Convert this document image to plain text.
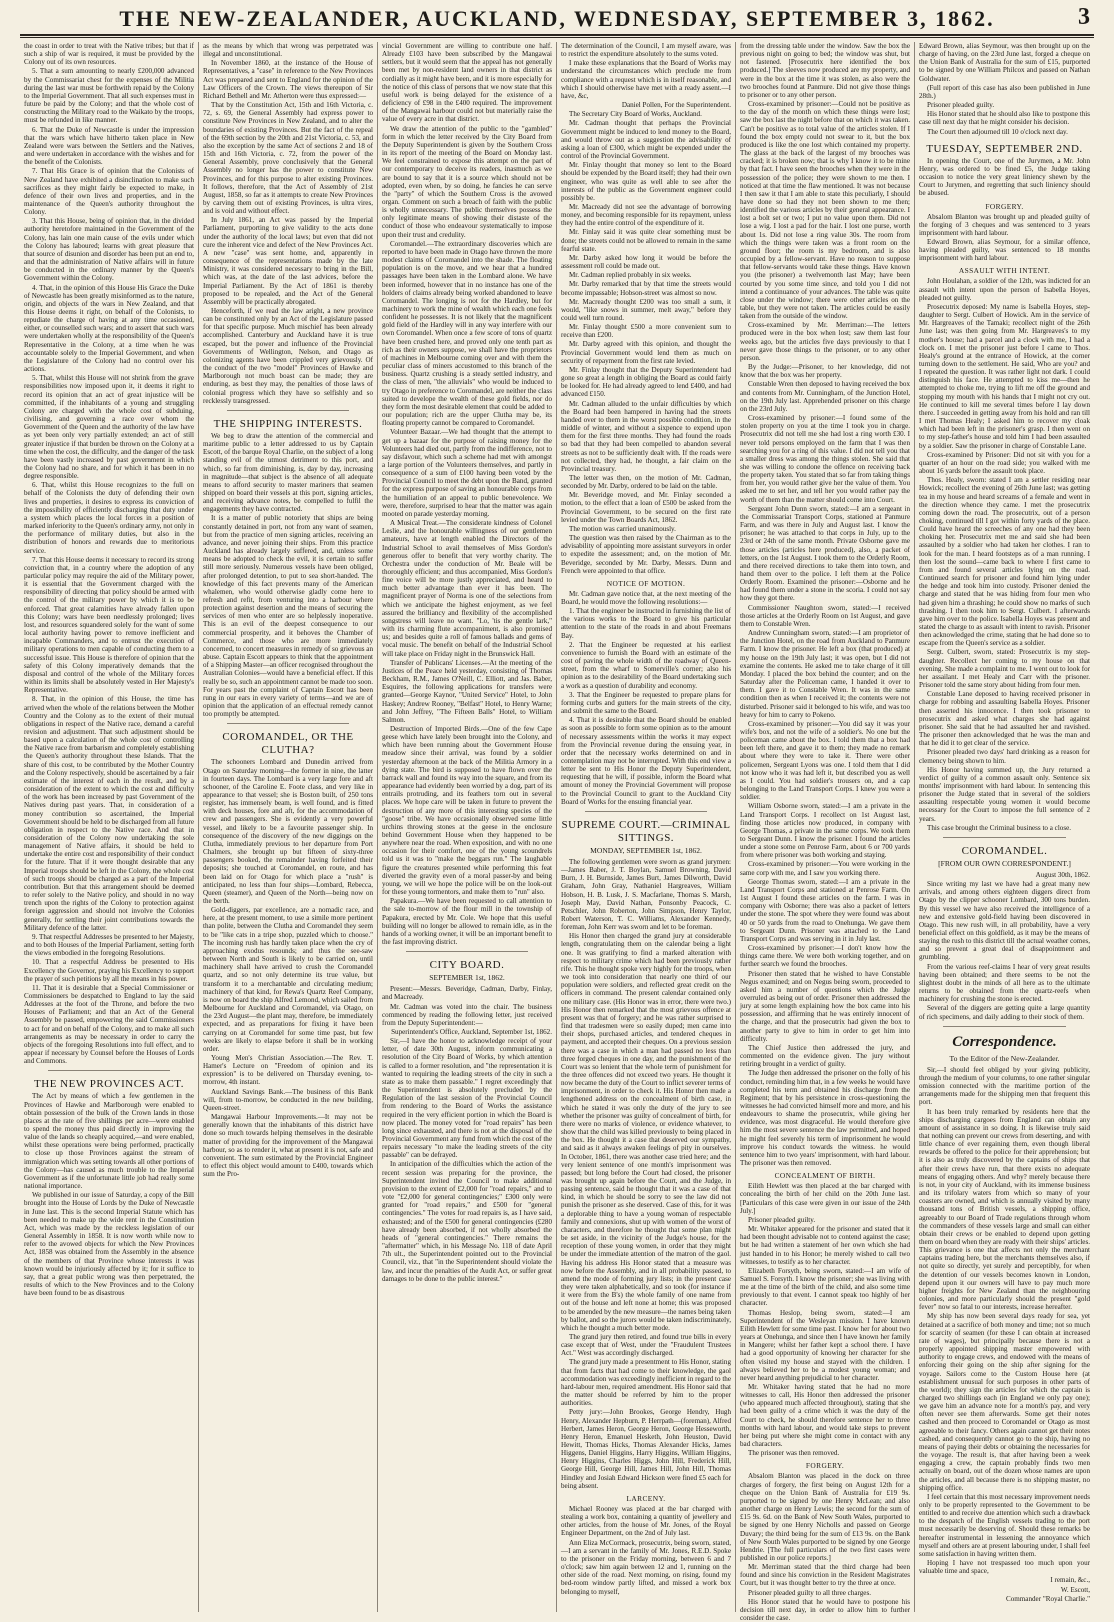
THE NEW-ZEALANDER, AUCKLAND, WEDNESDAY, SEPTEMBER 3, 1862.	3

the coast in order to treat with the Native tribes; but that if such a ship of war is required, it must be provided by the Colony out of its own resources.

5. That a sum amounting to nearly £200,000 advanced by the Commissariat chest for the expenses of the Militia during the last war must be forthwith repaid by the Colony to the Imperial Government. That all such expenses must in future be paid by the Colony; and that the whole cost of constructing the Military road to the Waikato by the troops, must be refunded in like manner.

6. That the Duke of Newcastle is under the impression that the wars which have hitherto taken place in New Zealand were wars between the Settlers and the Natives, and were undertaken in accordance with the wishes and for the benefit of the Colonists.

7. That His Grace is of opinion that the Colonists of New Zealand have exhibited a disinclination to make such sacrifices as they might fairly be expected to make, in defence of their own lives and properties, and in the maintenance of the Queen's authority throughout the Colony.

3. That this House, being of opinion that, in the divided authority heretofore maintained in the Government of the Colony, has lain one main cause of the evils under which the Colony has laboured; learns with great pleasure that that source of disunion and disorder has been put an end to, and that the administration of Native affairs will in future be conducted in the ordinary manner by the Queen's Government within the Colony.

4. That, in the opinion of this House His Grace the Duke of Newcastle has been greatly misinformed as to the nature, origin, and objects of the wars in New Zealand, and that this House deems it right, on behalf of the Colonists, to repudiate the charge of having at any time occasioned, either, or counselled such wars; and to assert that such wars were undertaken wholly at the responsibility of the Queen's Representative in the Colony, at a time when he was accountable solely to the Imperial Government, and when the Legislature of the Colony had no control over his actions.

5. That, whilst this House will not shrink from the grave responsibilities now imposed upon it, it deems it right to record its opinion that an act of great injustice will be committed, if the inhabitants of a young and struggling Colony are charged with the whole cost of subduing, civilising, and governing a race over whom the Government of the Queen and the authority of the law have as yet been only very partially extended; an act of still greater injustice if that burden be thrown on the Colony at a time when the cost, the difficulty, and the danger of the task have been vastly increased by past government in which the Colony had no share, and for which it has been in no degree responsible.

6. That, whilst this House recognizes to the full on behalf of the Colonists the duty of defending their own lives and properties, it desires to express its conviction of the impossibility of efficiently discharging that duty under a system which places the local forces in a position of marked inferiority to the Queen's ordinary army, not only in the performance of military duties, but also in the distribution of honors and rewards due to meritorious service.

7. That this House deems it necessary to record its strong conviction that, in a country where the adoption of any particular policy may require the aid of the Military power, it is essential that the Government charged with the responsibility of directing that policy should be armed with the control of the military power by which it is to be enforced. That great calamities have already fallen upon this Colony; wars have been needlessly prolonged; lives lost, and resources squandered solely for the want of some local authority having power to remove inefficient and incapable Commanders, and to entrust the execution of military operations to men capable of conducting them to a successful issue. This House is therefore of opinion that the safety of this Colony imperatively demands that the disposal and control of the whole of the Military forces within its limits shall be absolutely vested in Her Majesty's Representative.

8. That, in the opinion of this House, the time has arrived when the whole of the relations between the Mother Country and the Colony as to the extent of their mutual obligations in respect of the Native race, demand a careful revision and adjustment. That such adjustment should be based upon a calculation of the whole cost of controlling the Native race from barbarism and completely establishing the Queen's authority throughout these Islands. That the share of this cost, to be contributed by the Mother Country and the Colony respectively, should be ascertained by a fair estimate of the interest of each in the result, and by a consideration of the extent to which the cost and difficulty of the work has been increased by past Government of the Natives during past years. That, in consideration of a money contribution so ascertained, the Imperial Government should be held to be discharged from all future obligation in respect to the Native race. And that in consideration of the Colony now undertaking the sole management of Native affairs, it should be held to undertake the entire cost and responsibility of their conduct for the future. That if it were thought desirable that any Imperial troops should be left in the Colony, the whole cost of such troops should be charged as a part of the Imperial contribution. But that this arrangement should be deemed to refer solely to the Native policy, and should in no way trench upon the rights of the Colony to protection against foreign aggression and should not involve the Colonies generally, for settling their joint contributions towards the Military defence of the latter.

9. That respectful Addresses be presented to her Majesty, and to both Houses of the Imperial Parliament, setting forth the views embodied in the foregoing Resolutions.

10. That a respectful Address be presented to His Excellency the Governor, praying his Excellency to support the prayer of such petitions by all the means in his power.

11. That it is desirable that a Special Commissioner or Commissioners be despatched to England to lay the said Addresses at the foot of the Throne, and before the two Houses of Parliament; and that an Act of the General Assembly be passed, empowering the said Commissioners to act for and on behalf of the Colony, and to make all such arrangements as may be necessary in order to carry the objects of the foregoing Resolutions into full effect, and to appear if necessary by Counsel before the Houses of Lords and Commons.

THE NEW PROVINCES ACT.

The Act by means of which a few gentlemen in the Provinces of Hawke and Marlborough were enabled to obtain possession of the bulk of the Crown lands in those places at the rate of five shillings per acre—were enabled to spend the money thus paid directly in improving the value of the lands so cheaply acquired,—and were enabled, whilst these operations were being performed, practically to close up those Provinces against the stream of immigration which was setting towards all other portions of the Colony—has caused as much trouble to the Imperial Government as if the unfortunate little job had really some national importance.

We published in our issue of Saturday, a copy of the Bill brought into the House of Lords by the Duke of Newcastle in June last. This is the second Imperial Statute which has been needed to make up the wide rent in the Constitution Act, which was made by the reckless legislation of our General Assembly in 1858. It is now worth while now to refer to the avowed objects for which the New Provinces Act, 1858 was obtained from the Assembly in the absence of the members of that Province whose interests it was known would be injuriously affected by it; for it suffice to say, that a great public wrong was then perpetrated, the results of which to the New Provinces and to the Colony have been found to be as disastrous

as the means by which that wrong was perpetrated was illegal and unconstitutional.

In November 1860, at the instance of the House of Representatives, a "case" in reference to the New Provinces Act was prepared and sent to England for the opinion of the Law Officers of the Crown. The views thereupon of Sir Richard Bethell and Mr. Atherton were thus expressed:—

That by the Constitution Act, 15th and 16th Victoria, c. 72, s. 69, the General Assembly had express power to constitute New Provinces in New Zealand, and to alter the boundaries of existing Provinces. But the fact of the repeal of the 69th section by the 20th and 21st Victoria, c. 53, and also the exception by the same Act of sections 2 and 18 of 15th and 16th Victoria, c. 72, from the power of the General Assembly, prove conclusively that the General Assembly no longer has the power to constitute New Provinces, and for this purpose to alter existing Provinces. It follows, therefore, that the Act of Assembly of 21st August, 1858, so far as it attempts to create New Provinces by carving them out of existing Provinces, is ultra vires, and is void and without effect.

In July 1861, an Act was passed by the Imperial Parliament, purporting to give validity to the acts done under the authority of the local laws; but even that did not cure the inherent vice and defect of the New Provinces Act. A new "case" was sent home, and, apparently in consequence of the representations made by the late Ministry, it was considered necessary to bring in the Bill, which was, at the date of the last advices, before the Imperial Parliament. By the Act of 1861 is thereby proposed to be repealed, and the Act of the General Assembly will be practically abrogated.

Henceforth, if we read the law aright, a new province can be constituted only by an Act of the Legislature passed for that specific purpose. Much mischief has been already accomplished. Canterbury and Auckland have it is true escaped, but the power and influence of the Provincial Governments of Wellington, Nelson, and Otago as colonizing agents have been crippled very grievously. Of the conduct of the two "model" Provinces of Hawke and Marlborough not much boast can be made; they are enduring, as best they may, the penalties of those laws of colonial progress which they have so selfishly and so recklessly transgressed.

THE SHIPPING INTERESTS.

We beg to draw the attention of the commercial and maritime public to a letter addressed to us by Captain Escott, of the barque Royal Charlie, on the subject of a long standing evil of the utmost detriment to this port, and which, so far from diminishing, is, day by day, increasing in magnitude—that subject is the absence of all adequate means to afford security to master mariners that seamen shipped on board their vessels at this port, signing articles, and receiving advance notes, be compelled to fulfil the engagements they have contracted.

It is a matter of public notoriety that ships are being constantly detained in port, not from any want of seamen, but from the practice of men signing articles, receiving an advance, and never joining their ships. From this practice Auckland has already largely suffered, and, unless some means be adopted to check the evil, it is certain to suffer still more seriously. Numerous vessels have been obliged, after prolonged detention, to put to sea short-handed. The knowledge of this fact prevents many of the American whalemen, who would otherwise gladly come here to refresh and refit, from venturing into a harbour where protection against desertion and the means of securing the services of men who enter are so helplessly inoperative. This is an evil of the deepest consequence to our commercial prosperity, and it behoves the Chamber of Commerce, and those who are more immediately concerned, to concert measures in remedy of so grievous an abuse. Captain Escott appears to think that the appointment of a Shipping Master—an officer recognised throughout the Australian Colonies—would have a beneficial effect. If this really be so, such an appointment cannot be made too soon. For years past the complaint of Captain Escott has been rung in our ears in every variety of terms—and we are of opinion that the application of an effectual remedy cannot too promptly be attempted.

COROMANDEL, OR THE CLUTHA?

The schooners Lombard and Dunedin arrived from Otago on Saturday morning—the former in nine, the latter in fourteen days. The Lombard is a very large fore and aft schooner, of the Caroline E. Foote class, and very like in appearance to that vessel; she is Boston built, of 250 tons register, has immensely beam, is well found, and is fitted with deck houses, fore and aft, for the accommodation of crew and passengers. She is evidently a very powerful vessel, and likely to be a favourite passenger ship. In consequence of the discovery of the new diggings on the Clutha, immediately previous to her departure from Port Chalmers, she brought up but fifteen of sixty-three passengers booked, the remainder having forfeited their deposits; she touched at Coromandel, en route, and has been laid on for Otago for which place a "rush" is anticipated, no less than four ships—Lombard, Rebecca, Queen (steamer), and Queen of the North—being now on the berth.

Gold-diggers, par excellence, are a nomadic race, and here, at the present moment, to use a simile more pertinent than polite, between the Clutha and Coromandel they seem to be "like cats in a tripe shop, puzzled which to choose." The incoming rush has hardly taken place when the cry of approaching exodus resounds; and thus the see-saw between North and South is likely to be carried on, until machinery shall have arrived to crush the Coromandel quartz, and so not only determine its true value, but transform it to a merchantable and circulating medium; machinery of that kind, for Rewa's Quartz Reef Company, is now on board the ship Alfred Lemond, which sailed from Melbourne for Auckland and Coromandel, via Otago, on the 23rd August—the plant may, therefore, be immediately expected, and as preparations for fixing it have been carrying on at Coromandel for some time past, but few weeks are likely to elapse before it shall be in working order.

Young Men's Christian Association.—The Rev. T. Hamer's Lecture on "Freedom of opinion and its expression" is to be delivered on Thursday evening, to-morrow, 4th instant.

Auckland Savings Bank.—The business of this Bank will, from to-morrow, be conducted in the new building, Queen-street.

Mangawai Harbour Improvements.—It may not be generally known that the inhabitants of this district have done so much towards helping themselves in the desirable matter of providing for the improvement of the Mangawai harbour, so as to render it, what at present it is not, safe and convenient. The sum estimated by the Provincial Engineer to effect this object would amount to £400, towards which sum the Pro-

vincial Government are willing to contribute one half. Already £103 have been subscribed by the Mangawai settlers, but it would seem that the appeal has not generally been met by non-resident land owners in that district as cordially as it might have been, and it is more especially for the notice of this class of persons that we now state that this useful work is being delayed for the existence of a deficiency of £98 in the £400 required. The improvement of the Mangawai harbour could not but materially raise the value of every acre in that district.

We draw the attention of the public to the "gambled" form in which the letter received by the City Board from the Deputy Superintendent is given by the Southern Cross in its report of the meeting of the Board on Monday last. We feel constrained to expose this attempt on the part of our contemporary to deceive its readers, inasmuch as we are bound to say that it is a source which should not be adopted, even when, by so doing, he fancies he can serve the "party" of which the Southern Cross is the avowed organ. Comment on such a breach of faith with the public is wholly unnecessary. The public themselves possess the only legitimate means of showing their distaste of the conduct of those who endeavour systematically to impose upon their trust and credulity.

Coromandel.—The extraordinary discoveries which are reported to have been made in Otago have thrown the more modest claims of Coromandel into the shade. The floating population is on the move, and we hear that a hundred passages have been taken in the Lombard alone. We have been informed, however that in no instance has one of the holders of claims already being worked abandoned to leave Coromandel. The longing is not for the Hardley, but for machinery to work the mine of wealth which each one feels confident he possesses. It is not likely that the magnificent gold field of the Hardley will in any way interfere with our own Coromandel. When once a few score of tons of quartz have been crushed here, and proved only one tenth part as rich as their owners suppose, we shall have the proprietors of machines in Melbourne coming over and with them the peculiar class of miners accustomed to this branch of the business. Quartz crushing is a steady settled industry, and the class of men, "the alluvials" who would be induced to try Otago in preference to Coromandel, are neither the class suited to develope the wealth of these gold fields, nor do they form the most desirable element that could be added to our population; rich are the upper Clutha may be, its floating property cannot be compared to Coromandel.

Volunteer Bazaar.—We had thought that the attempt to get up a bazaar for the purpose of raising money for the Volunteers had died out, partly from the indifference, not to say disfavour, which such a scheme had met with amongst a large portion of the Volunteers themselves, and partly in consequence of a sum of £100 having been voted by the Provincial Council to meet the debt upon the Band, granted for the express purpose of saving an honourable corps from the humiliation of an appeal to public benevolence. We were, therefore, surprised to hear that the matter was again mooted on parade yesterday morning.

A Musical Treat.—The considerate kindness of Colonel Leslie, and the honourable willingness of our gentlemen amateurs, have at length enabled the Directors of the Industrial School to avail themselves of Miss Gordon's generous offer to benefit that very worthy charity. The Orchestra under the conduction of Mr. Beale will be thoroughly efficient; and thus accompanied, Miss Gordon's fine voice will be more justly appreciated, and heard to much better advantage than ever it has been. The magnificent prayer of Norma is one of the selections from which we anticipate the highest enjoyment, as we feel assured the brilliancy and flexibility of the accomplished songstress will leave no want. "Lo, 'tis the gentle lark," with its charming flute accompaniment, is also promised us; and besides quite a roll of famous ballads and gems of vocal music. The benefit on behalf of the Industrial School will take place on Friday night in the Brunswick Hall.

Transfer of Publicans' Licenses.—At the meeting of the Justices of the Peace held yesterday, consisting of Thomas Beckham, R.M., James O'Neill, C. Elliott, and Jas. Baber, Esquires, the following applications for transfers were granted—George Kaynor, "United Service" Hotel, to John Haskey; Andrew Rooney, "Belfast" Hotel, to Henry Warne; and John Jeffrey, "The Fifteen Balls" Hotel, to William Salmon.

Destruction of Imported Birds.—One of the few Cape geese which have lately been brought into the Colony, and which have been running about the Government House meadow since their arrival, was found by a soldier yesterday afternoon at the back of the Militia Armory in a dying state. The bird is supposed to have flown over the barrack wall and found its way into the square, and from its appearance had evidently been worried by a dog, part of its entrails protruding, and its feathers torn out in several places. We hope care will be taken in future to prevent the destruction of any more of this interesting species of the "goose" tribe. We have occasionally observed some little urchins throwing stones at the geese in the enclosure behind Government House when they happened to be anywhere near the road. When exposition, and with no one occasion for their comfort, one of the young scoundrels told us it was to "make the beggars run." The laughable figure the creatures presented while performing this feat diverted the gravity even of a moral passer-by and being young, we will we hope the police will be on the look-out for these young tormentors, and make them to "run" also.

Papakura.—We have been requested to call attention to the sale to-morrow of the flour mill in the township of Papakura, erected by Mr. Cole. We hope that this useful building will no longer be allowed to remain idle, as in the hands of a working owner, it will be an important benefit to the fast improving district.

CITY BOARD.
SEPTEMBER 1st, 1862.

Present:—Messrs. Beveridge, Cadman, Darby, Finlay, and Macready.

Mr. Cadman was voted into the chair. The business commenced by reading the following letter, just received from the Deputy Superintendent:—

Superintendent's Office, Auckland, September 1st, 1862.

Sir,—I have the honor to acknowledge receipt of your letter, of date 30th August, inform communicating a resolution of the City Board of Works, by which attention is called to a former resolution, and "the representation it is wanted to requiring the leading streets of the city in such a state as to make them passable." I regret exceedingly that the Superintendent is absolutely precluded by the Regulation of the last session of the Provincial Council from rendering to the Board of Works the assistance required in the very efficient portion in which the Board is now placed. The money voted for "road repairs" has been long since exhausted, and there is not at the disposal of the Provincial Government any fund from which the cost of the repairs necessary "to make the leading streets of the city passable" can be defrayed.

In anticipation of the difficulties which the action of the recent session was preparing for the province, the Superintendent invited the Council to make additional provision to the extent of £2,000 for "road repairs," and to vote "£2,000 for general contingencies;" £300 only were granted for "road repairs," and £500 for "general contingencies." The votes for road repairs is, as I have said, exhausted; and of the £500 for general contingencies (£280 have already been absorbed, if not wholly absorbed the heads of "general contingencies." There remains the "aftermatter" which, in his Message No. 118 of date April 7th ult., the Superintendent pointed out to the Provincial Council, viz., that "in the Superintendent should violate the law, and incur the penalties of the Audit Act, or suffer great damages to be done to the public interest."

The determination of the Council, I am myself aware, was to restrict the expenditure absolutely to the sums voted.

I make these explanations that the Board of Works may understand the circumstances which preclude me from compliance with a request which is in itself reasonable, and which I should otherwise have met with a ready assent.—I have, &c,

Daniel Pollen, For the Superintendent.

The Secretary City Board of Works, Auckland.

Mr. Cadman thought that perhaps the Provincial Government might be induced to lend money to the Board, and would throw out as a suggestion the advisability of asking a loan of £300, which might be expended under the control of the Provincial Government.

Mr. Finlay thought that money so lent to the Board should be expended by the Board itself; they had their own engineer, who was quite as well able to see after the interests of the public as the Government engineer could possibly be.

Mr. Macready did not see the advantage of borrowing money, and becoming responsible for its repayment, unless they had the entire control of the expenditure of it.

Mr. Finlay said it was quite clear something must be done; the streets could not be allowed to remain in the same fearful state.

Mr. Darby asked how long it would be before the assessment roll could be made out.

Mr. Cadman replied probably in six weeks.

Mr. Darby remarked that by that time the streets would become impassable; Hobson-street was almost so now.

Mr. Macready thought £200 was too small a sum, it would, "like snows in summer, melt away," before they could well turn round.

Mr. Finlay thought £500 a more convenient sum to receive than £200.

Mr. Darby agreed with this opinion, and thought the Provincial Government would lend them as much on security of repayment from the first rate levied.

Mr. Finlay thought that the Deputy Superintendent had gone so great a length in obliging the Board as could fairly be looked for. He had already agreed to lend £400, and had advanced £150.

Mr. Cadman alluded to the unfair difficulties by which the Board had been hampered in having had the streets handed over to them in the worst possible condition, in the middle of winter, and without a sixpence to expend upon them for the first three months. They had found the roads so bad that they had been compelled to abandon several streets as not to be sufficiently dealt with. If the roads were not collected, they had, he thought, a fair claim on the Provincial treasury.

The letter was then, on the motion of Mr. Cadman, seconded by Mr. Darby, ordered to be laid on the table.

Mr. Beveridge moved, and Mr. Finlay seconded a motion, to the effect that a loan of £500 be asked from the Provincial Government, to be secured on the first rate levied under the Town Boards Act, 1862.

The motion was carried unanimously.

The question was then raised by the Chairman as to the advisability of appointing more assistant surveyors in order to expedite the assessment; and, on the motion of Mr. Beveridge, seconded by Mr. Darby, Messrs. Dunn and French were appointed to that office.

NOTICE OF MOTION.

Mr. Cadman gave notice that, at the next meeting of the Board, he would move the following resolutions:—

1. That the engineer be instructed in furnishing the list of the various works to the Board to give his particular attention to the state of the roads in and about Freemans Bay.

2. That the Engineer be requested at his earliest convenience to furnish the Board with an estimate of the cost of paving the whole width of the roadway of Queen-street, from the wharf to Somerville's corner; also his opinion as to the desirability of the Board undertaking such a work as a question of durability and economy.

3. That the Engineer be requested to prepare plans for forming curbs and gutters for the main streets of the city, and submit the same to the Board.

4. That it is desirable that the Board should be enabled as soon as possible to form some opinion as to the amount of necessary assessments within the works it may expect from the Provincial revenue during the ensuing year, in order that the necessary works determined on and in contemplation may not be interrupted. With this end view a letter be sent to His Honor the Deputy Superintendent, requesting that he will, if possible, inform the Board what amount of money the Provincial Government will propose to the Provincial Council to grant to the Auckland City Board of Works for the ensuing financial year.

SUPREME COURT.—CRIMINAL SITTINGS.
MONDAY, SEPTEMBER 1st, 1862.

The following gentlemen were sworn as grand jurymen:—James Baber, J. T. Boylan, Samuel Browning, David Burn, J. H. Burnside, James Burt, James Dilworth, David Graham, John Gray, Nathaniel Hargreaves, William Hobson, H. B. Lusk, J. S. Macfarlane, Thomas S. Marsh, Joseph May, David Nathan, Ponsonby Peacock, C. Petschler, John Roberton, John Simpson, Henry Taylor, Robert Waterson, T. C. Williams, Alexander Kennedy, foreman, John Kerr was sworn and let to be foreman.

His Honor then charged the grand jury at considerable length, congratulating them on the calendar being a light one. It was gratifying to find a marked alteration with respect to military crime which had been previously rather rife. This he thought spoke very highly for the troops, when we took into consideration that nearly one third of our population were soldiers, and reflected great credit on the officers in command. The present calendar contained only one military case. (His Honor was in error, there were two.) His Honor then remarked that the most grievous offence at present was that of forgery; and he was rather surprised to find that tradesmen were so easily duped; men came into their shops, purchased articles, and tendered cheques in payment, and accepted their cheques. On a previous session there was a case in which a man had passed no less than three forged cheques in one day, and the punishment of the Court was so lenient that the whole term of punishment for the three offences did not exceed two years. He thought it now became the duty of the Court to inflict severer terms of imprisonment, in order to check it. His Honor then made a lengthened address on the concealment of birth case, in which he stated it was only the duty of the jury to see whether the prisoner was guilty of concealment of birth, for there were no marks of violence, or evidence whatever, to show that the child was killed previously to being placed in the box. He thought it a case that deserved our sympathy, and said as it always awaken feelings of pity in ourselves. In October, 1861, there was another case tried here; and the very lenient sentence of one month's imprisonment was passed; but long before the Court had closed, the prisoner was brought up again before the Court, and the Judge, in passing sentence, said he thought that it was a case of that kind, in which he should be sorry to see the law did not punish the prisoner as she deserved. Case of this, for it was a deplorable thing to have a young woman of respectable family and connexions, shut up with women of the worst of characters, and therefore he thought that some plan might be set aside, in the vicinity of the Judge's house, for the reception of these young women, in order that they might be under the immediate attention of the matron of the gaol. Having his address His Honor stated that a measure was now before the Assembly, and in all probability passed, to amend the mode of forming jury lists; in the present case they were taken alphabetically, and so took (for instance if it were from the B's) the whole family of one name from out of the house and left none at home; this was proposed to be amended by the new measure—the names being taken by ballot, and so the jurors would be taken indiscriminately, which he thought a much better mode.

The grand jury then retired, and found true bills in every case except that of West, under the "Fraudulent Trustees Act." West was accordingly discharged.

The grand jury made a presentment to His Honor, stating that from facts that had come to their knowledge, the gaol accommodation was exceedingly inefficient in regard to the hard-labour men, required amendment. His Honor said that the matter should be referred by him to the proper authorities.

Petty jury:—John Brookes, George Hendry, Hugh Henry, Alexander Hepburn, P. Herrpath—(foreman), Alfred Herbert, James Heron, George Heron, George Hesseworth, Henry Heron, Emanuel Hesketh, John Heuston, David Hewitt, Thomas Hicks, Thomas Alexander Hicks, James Higgens, Daniel Higgins, Harry Higgins, William Higgins, Henry Higgins, Charles Higgs, John Hill, Frederick Hill, George Hill, George Hill, James Hill, John Hill, Thomas Hindley and Josiah Edward Hickson were fined £5 each for being absent.

LARCENY.

Michael Rooney was placed at the bar charged with stealing a work box, containing a quantity of jewellery and other articles, from the house of Mr. Jones, of the Royal Engineer Department, on the 2nd of July last.

Ann Eliza McCormack, prosecutrix, being sworn, stated,—I am a servant in the family of Mr. Jones, R.E.D. Spoke to the prisoner on the Friday morning, between 6 and 7 o'clock; saw him again between 12 and 1, running on the other side of the road. Next morning, on rising, found my bed-room window partly lifted, and missed a work box belonging to myself,

from the dressing table under the window. Saw the box the previous night on going to bed; the window was shut, but not fastened. [Prosecutrix here identified the box produced.] The sleeves now produced are my property, and were in the box at the time it was stolen, as also were the two brooches found at Panmure. Did not give those things to prisoner or to any other person.

Cross-examined by prisoner:—Could not be positive as to the day of the month on which these things were lost; saw the box last the night before that on which it was taken. Can't be positive as to total value of the articles stolen. If I found the box empty could not swear to it, but the box produced is like the one lost which contained my property. The glass at the back of the largest of my brooches was cracked; it is broken now; that is why I know it to be mine by that fact. I have seen the brooches when they were in the possession of the police; they were shown to me then. I noticed at that time the flaw mentioned. It was not because I then saw it that I am able to state this peculiarly, I should have done so had they not been shown to me then; identified the various articles by their general appearance. I lost a bolt set or two; I put no value upon them. Did not lose a wig. I lost a pad for the hair. I lost one purse, worth about 1s. Did not lose a ring value 30s. The room from which the things were taken was a front room on the ground floor; the room is my bedroom, and is also occupied by a fellow-servant. Have no reason to suppose that fellow-servants would take these things. Have known you (the prisoner) a twelvemonth last May; have been courted by you some time since, and told you I did not intend a continuance of your advances. The table was quite close under the window; there were other articles on the table, but they were not taken. The articles could be easily taken from the outside of the window.

Cross-examined by Mr. Merriman:—The letters produced were in the box when lost; saw them last four weeks ago, but the articles five days previously to that I never gave those things to the prisoner, or to any other person.

By the Judge:—Prisoner, to her knowledge, did not know that the box was her property.

Constable Wren then deposed to having received the box and contents from Mr. Cunningham, of the Junction Hotel, on the 19th July last. Apprehended prisoner on this charge on the 23rd July.

Cross-examined by prisoner:—I found some of the stolen property on you at the time I took you in charge. Prosecutrix did not tell me she had lost a ring worth £30. I never told persons employed on the farm that I was then searching you for a ring of this value. I did not tell you that a smaller dress was among the things stolen. She said that she was willing to condone the offence on receiving back the property taken. You stated that so far from taking things from her, you would rather give her the value of them. You asked me to set her, and tell her you would rather pay the worth of them than the matter should come into Court.

Sergeant John Dunn sworn, stated:—I am a sergeant in the Commissariat Transport Corps, stationed at Panmure Farm, and was there in July and August last. I know the prisoner; he was attached to that corps in July, up to the 23rd or 24th of the same month. Private Osborne gave me those articles (articles here produced), also, a packet of letters, on the 1st August. I took them to the Orderly Room, and there received directions to take them into town, and hand them over to the police. I left them at the Police Orderly Room. Examined the prisoner:—Osborne and he had found them under a stone in the scoria. I could not say how they got there.

Commissioner Naughton sworn, stated:—I received those articles at the Orderly Room on 1st August, and gave them to Constable Wren.

Andrew Cunningham sworn, stated:—I am proprietor of the Junction Hotel, on the road from Auckland to Panmure Farm. I know the prisoner. He left a box (that produced) at my house on the 19th July last; it was open, but I did not examine the contents. He asked me to take charge of it till Monday. I placed the box behind the counter; and on the Saturday after the Policeman came, I handed it over to them. I gave it to Constable Wren. It was in the same condition then as when I received it; the contents were not disturbed. Prisoner said it belonged to his wife, and was too heavy for him to carry to Pokeno.

Cross-examined by prisoner:—You did say it was your wife's box, and not the wife of a soldier's. No one but the policeman came about the box. I told them that a box had been left there, and gave it to them; they made no remark about where they were to take it. There were other policemen, Sergeant Lyons was one. I told them that I did not know who it was had left it, but described you as well as I could. You had soldier's trousers on, and a cap belonging to the Land Transport Corps. I knew you were a soldier.

William Osborne sworn, stated:—I am a private in the Land Transport Corps. I recollect on 1st August last, finding those articles now produced, in company with George Thomas, a private in the same corps. We took them to Sergeant Dunn. I know the prisoner. I found the articles under a stone some on Penrose Farm, about 6 or 700 yards from where prisoner was both working and staying.

Cross-examined by prisoner:—You were working in the same corp with me, and I saw you working there.

George Thomas sworn, stated:—I am a private in the Land Transport Corps and stationed at Penrose Farm. On 1st August I found these articles on the farm. I was in company with Osborne; there was also a packet of letters under the stone. The spot where they were found was about 40 or 50 yards from the road to Onehunga. We gave them to Sergeant Dunn. Prisoner was attached to the Land Transport Corps and was serving in it in July last.

Cross-examined by prisoner:—I don't know how the things came there. We were both working together, and on further search we found the brooches.

Prisoner then stated that he wished to have Constable Negus examined; and on Negus being sworn, proceeded to asked him a number of questions which the Judge overruled as being out of order. Prisoner then addressed the jury at some length explaining how the box came into his possession, and affirming that he was entirely innocent of the charge, and that the prosecutrix had given the box to another party to give to him in order to get him into difficulty.

The Chief Justice then addressed the jury, and commented on the evidence given. The jury without retiring brought in a verdict of guilty.

The Judge then addressed the prisoner on the folly of his conduct, reminding him that, in a few weeks he would have completed his term and obtained his discharge from the Regiment; that by his persistence in cross-questioning the witnesses he had convicted himself more and more, and his endeavours to shame the prosecutrix, while giving her evidence, was most disgraceful. He would therefore give him the most severe sentence the law permitted, and hoped he might feel severely his term of imprisonment he would improve his conduct towards the witness. he would sentence him to two years' imprisonment, with hard labour. The prisoner was then removed.

CONCEALMENT OF BIRTH.

Eilith Hewlett was then placed at the bar charged with concealing the birth of her child on the 20th June last. [Particulars of this case were given in our issue of the 24th July.]

Prisoner pleaded guilty.

Mr. Whitaker appeared for the prisoner and stated that it had been thought advisable not to contend against the case; but he had written a statement of her own which she had just handed in to his Honor; he merely wished to call two witnesses, to testify as to her character.

Elizabeth Forsyth, being sworn, stated:—I am wife of Samuel S. Forsyth. I know the prisoner; she was living with me at the time of the birth of the child, and also some time previously to that event. I cannot speak too highly of her character.

Thomas Heslop, being sworn, stated:—I am Superintendent of the Wesleyan mission. I have known Eilith Hewlett for some time past. I know her for about two years at Onehunga, and since then I have known her family in Mangere; whilst her father kept a school there. I have had a good opportunity of knowing her character for she often visited my house and stayed with the children. I always believed her to be a modest young woman; and never heard anything prejudicial to her character.

Mr. Whitaker having stated that he had no more witnesses to call, His Honor then addressed the prisoner (who appeared much affected throughout), stating that she had been guilty of a crime which it was the duty of the Court to check, he should therefore sentence her to three months with hard labour, and would take steps to prevent her being put where she might come in contact with any bad characters.

The prisoner was then removed.

FORGERY.

Absalom Blanton was placed in the dock on three charges of forgery, the first being on August 12th for a cheque on the Union Bank of Australia for £19 9s. purported to be signed by one Henry McLean; and also another charge on Henry Lewis; the second for the sum of £15 9s. 6d. on the Bank of New South Wales, purported to be signed by one Henry Nicholls and passed on George Duvary; the third being for the sum of £13 9s. on the Bank of New South Wales purported to be signed by one George Hendrie. [The full particulars of the two first cases were published in our police reports.]

Mr. Merriman stated that the third charge had been found and since his conviction in the Resident Magistrates Court, but it was thought better to try the three at once.

Prisoner pleaded guilty to all three charges.

His Honor stated that he would have to postpone his decision till next day, in order to allow him to further consider the case.

Edward Brown, alias Seymour, was then brought up on the charge of having, on the 23rd June last, forged a cheque on the Union Bank of Australia for the sum of £15, purported to be signed by one William Philcox and passed on Nathan Goldwater.

(Full report of this case has also been published in June 28th.)

Prisoner pleaded guilty.

His Honor stated that he should also like to postpone this case till next day that he might consider his decision.

The Court then adjourned till 10 o'clock next day.

TUESDAY, SEPTEMBER 2ND.

In opening the Court, one of the Jurymen, a Mr. John Henry, was ordered to be fined £5, the Judge taking occasion to notice the very great liniency shewn by the Court to Jurymen, and regretting that such liniency should be abused.

FORGERY.

Absalom Blanton was brought up and pleaded guilty of the forging of 3 cheques and was sentenced to 3 years imprisonment with hard labour.

Edward Brown, alias Seymour, for a similar offence, having pleaded guilty, was sentenced to 18 months imprisonment with hard labour.

ASSAULT WITH INTENT.

John Houlahan, a soldier of the 12th, was indicted for an assault with intent upon the person of Isabella Hoyes, pleaded not guilty.

Prosecutrix deposed: My name is Isabella Hoyes, step-daughter to Sergt. Culbert of Howick. Am in the service of Mr. Hargreaves of the Tamaki; recollect night of the 26th June last; was then going from Mr. Hargreaves's to my mother's house; had a parcel and a clock with me, I had a clock on. I met the prisoner just before I came to Thos. Healy's ground at the entrance of Howick, at the corner turning down to the settlement. He said, Who are you? and I repeated the question. It was rather light not dark. I could distinguish his face. He attempted to kiss me—then he attempted to choke me, trying to lift me off the ground and stopping my mouth with his hands that I might not cry out. He continued to kill me several times before I lay down there. I succeeded in getting away from his hold and ran till I met Thomas Healy; I asked him to recover my cloak which had been left in the prisoner's grasp. I then went on to my step-father's house and told him I had been assaulted by a soldier. Saw the prisoner in charge of Constable Lane.

Cross-examined by Prisoner: Did not sit with you for a quarter of an hour on the road side; you walked with me about 16 yards before the assault took place.

Thos. Healy, sworn: stated I am a settler residing near Howick; recollect the evening of 26th June last; was getting tea in my house and heard screams of a female and went in the direction whence they came. I met the prosecutrix coming down the road. The prosecutrix, out of a person choking, continued till I got within forty yards of the place. Could have heard the screeches of any one had they been choking her. Prosecutrix met me and said she had been assaulted by a soldier who had taken her clothes. I ran to look for the man. I heard footsteps as of a man running. I then lost the sound—came back to where I first came to from and found several articles lying on the road. Continued search for prisoner and found him lying under the hedge and took him into custody. Prisoner denied the charge and stated that he was hiding from four men who had given him a thrashing; he could show no marks of such thrashing. I then took him to Sergt. Culbert. I afterwards gave him over to the police. Isabella Hoyes was present and stated the charge to as assault with intent to ravish. Prisoner then acknowledged the crime, stating that he had done so to escape from the Queen's service as a soldier.

Sergt. Culbert, sworn, stated: Prosecutrix is my step-daughter. Recollect her coming to my house on that evening. She made a complaint to me. I went out to look for her assailant. I met Healy and Carr with the prisoner. Prisoner told the same story about hiding from four men.

Constable Lane deposed to having received prisoner in charge for robbing and assaulting Isabella Hoyes. Prisoner then asserted his innocence. I then took prisoner to prosecutrix and asked what charges she had against prisoner. She said that he had assaulted her and ravished. The prisoner then acknowledged that he was the man and that he did it to get clear of the service.

Prisoner pleaded two days' hard drinking as a reason for clemency being shown to him.

His Honor having summed up, the Jury returned a verdict of guilty of a common assault only. Sentence six months' imprisonment with hard labour. In sentencing this prisoner the Judge stated that in several of the soldiers assaulting respectable young women it would become necessary for the Court to impose the full sentence of 2 years.

This case brought the Criminal business to a close.

COROMANDEL.
[FROM OUR OWN CORRESPONDENT.]

August 30th, 1862.

Since writing my last we have had a great many new arrivals, and among others eighteen diggers direct from Otago by the clipper schooner Lombard, 300 tons burden. By this vessel we have also received the intelligence of a new and extensive gold-field having been discovered in Otago. This new rush will, in all probability, have a very beneficial effect on this goldfield, as it may be the means of staying the rush to this district till the actual weather comes, and so prevent a great deal of disappointment and grumbling.

From the various reef-claims I hear of very great results having been obtained; and there seems to be not the slightest doubt in the minds of all here as to the ultimate returns to be obtained from the quartz-reefs when machinery for crushing the stone is erected.

Several of the diggers are getting quite a large quantity of rich specimens, and daily adding to their stock of them.

Correspondence.
To the Editor of the New-Zealander.

Sir,—I should feel obliged by your giving publicity, through the medium of your columns, to one rather singular omission connected with the maritime portion of the arrangements made for the shipping men that frequent this port.

It has been truly remarked by residents here that the ships discharging cargoes from England can obtain any amount of assistance in so doing. It is likewise truly said that nothing can prevent our crews from deserting, and with little chance of ever regaining them, even though liberal rewards be offered to the police for their apprehension; but it is also as truly discovered by the captains of ships that after their crews have run, that there exists no adequate means of engaging others. And why? merely because there is not, in your city of Auckland, with its immense business and its trifolary waters from which so many of your coasters are owned, and which is annually visited by many thousand tons of British vessels, a shipping office, agreeably to our Board of Trade regulations through whom the commanders of these vessels large and small can either obtain their crews or be enabled to depend upon getting them on board when they are ready with their ships' articles. This grievance is one that affects not only the merchant captains trading here, but the merchants themselves also, if not quite so directly, yet surely and perceptibly, for when the detention of our vessels becomes known in London, depend upon it our owners will have to pay much more higher freights for New Zealand than the neighbouring colonies, and more particularly should the present "gold fever" now so fatal to our interests, increase hereafter.

My ship has now been several days ready for sea, yet detained at a sacrifice of both money and time; not so much for scarcity of seamen (for these I can obtain at increased rate of wages), but principally because there is not a properly appointed shipping master empowered with authority to engage crews, and endowed with the means of enforcing their going on the ship after signing for the voyage. Sailors come to the Custom House here (at establishment unusual for such purposes in other parts of the world); they sign the articles for which the captain is charged two shillings each (in England we only pay one); we gave him an advance note for a month's pay, and very often never see them afterwards. Some get their notes cashed and then proceed to Coromandel or Otago as most agreeable to their fancy. Others again cannot get their notes cashed, and consequently cannot go to the ship, having no means of paying their debts or obtaining the necessaries for the voyage. The result is, that after having been a week engaging a crew, the captain probably finds two men actually on board, out of the dozen whose names are upon the articles, and all because there is no shipping master, no shipping office.

I feel certain that this most necessary improvement needs only to be properly represented to the Government to be entitled to and receive due attention which such a drawback to the despatch of the English vessels trading to the port must necessarily be deserving of. Should these remarks be hereafter instrumental in lessening the annoyance which myself and others are at present labouring under, I shall feel some satisfaction in having written them.

Hoping I have not trespassed too much upon your valuable time and space,

I remain, &c.,

W. Escott,

Commander "Royal Charlie."
